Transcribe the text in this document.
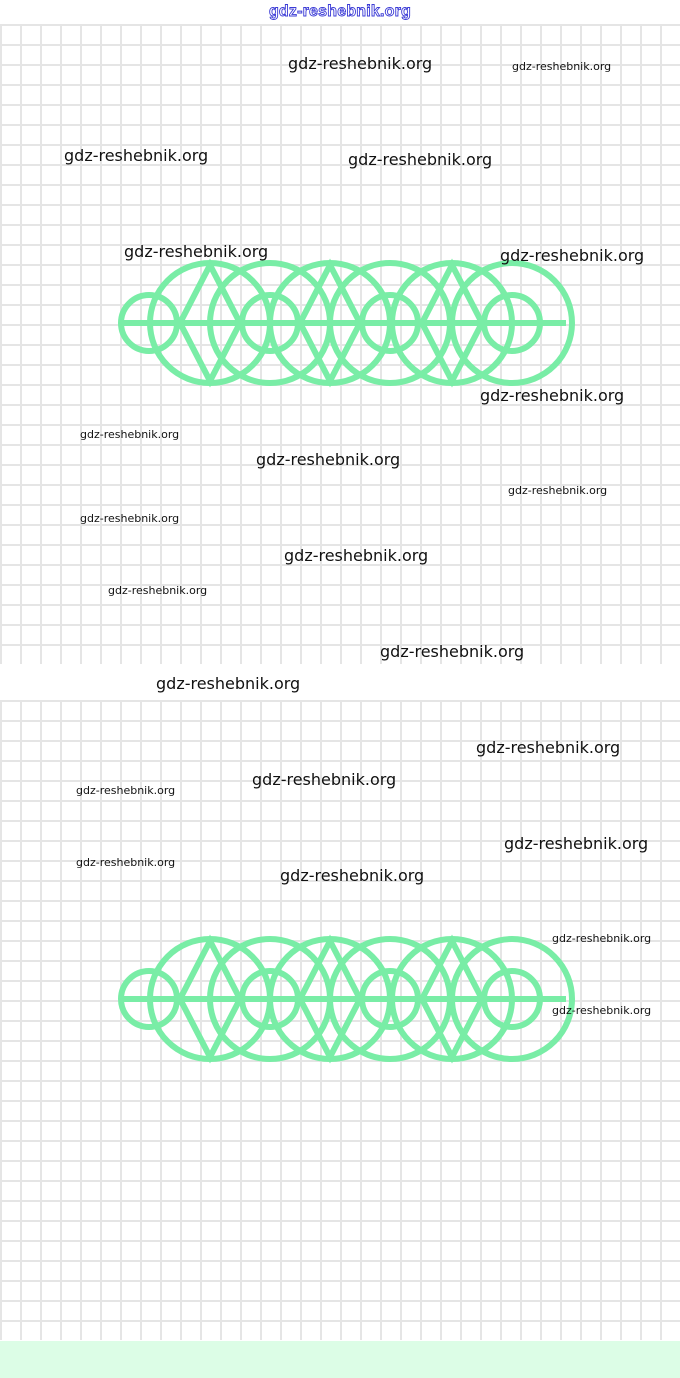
gdz-reshebnik.org
gdz-reshebnik.org	gdz-reshebnik.org
gdz-reshebnik.org	gdz-reshebnik.org
gdz-reshebnik.org	gdz-reshebnik.org
gdz-reshebnik.org
gdz-reshebnik.org
gdz-reshebnik.org
gdz-reshebnik.org
gdz-reshebnik.org
gdz-reshebnik.org
gdz-reshebnik.org
gdz-reshebnik.org
gdz-reshebnik.org
gdz-reshebnik.org
gdz-reshebnik.org
gdz-reshebnik.org
gdz-reshebnik.org
gdz-reshebnik.org
gdz-reshebnik.org
gdz-reshebnik.org
gdz-reshebnik.org
